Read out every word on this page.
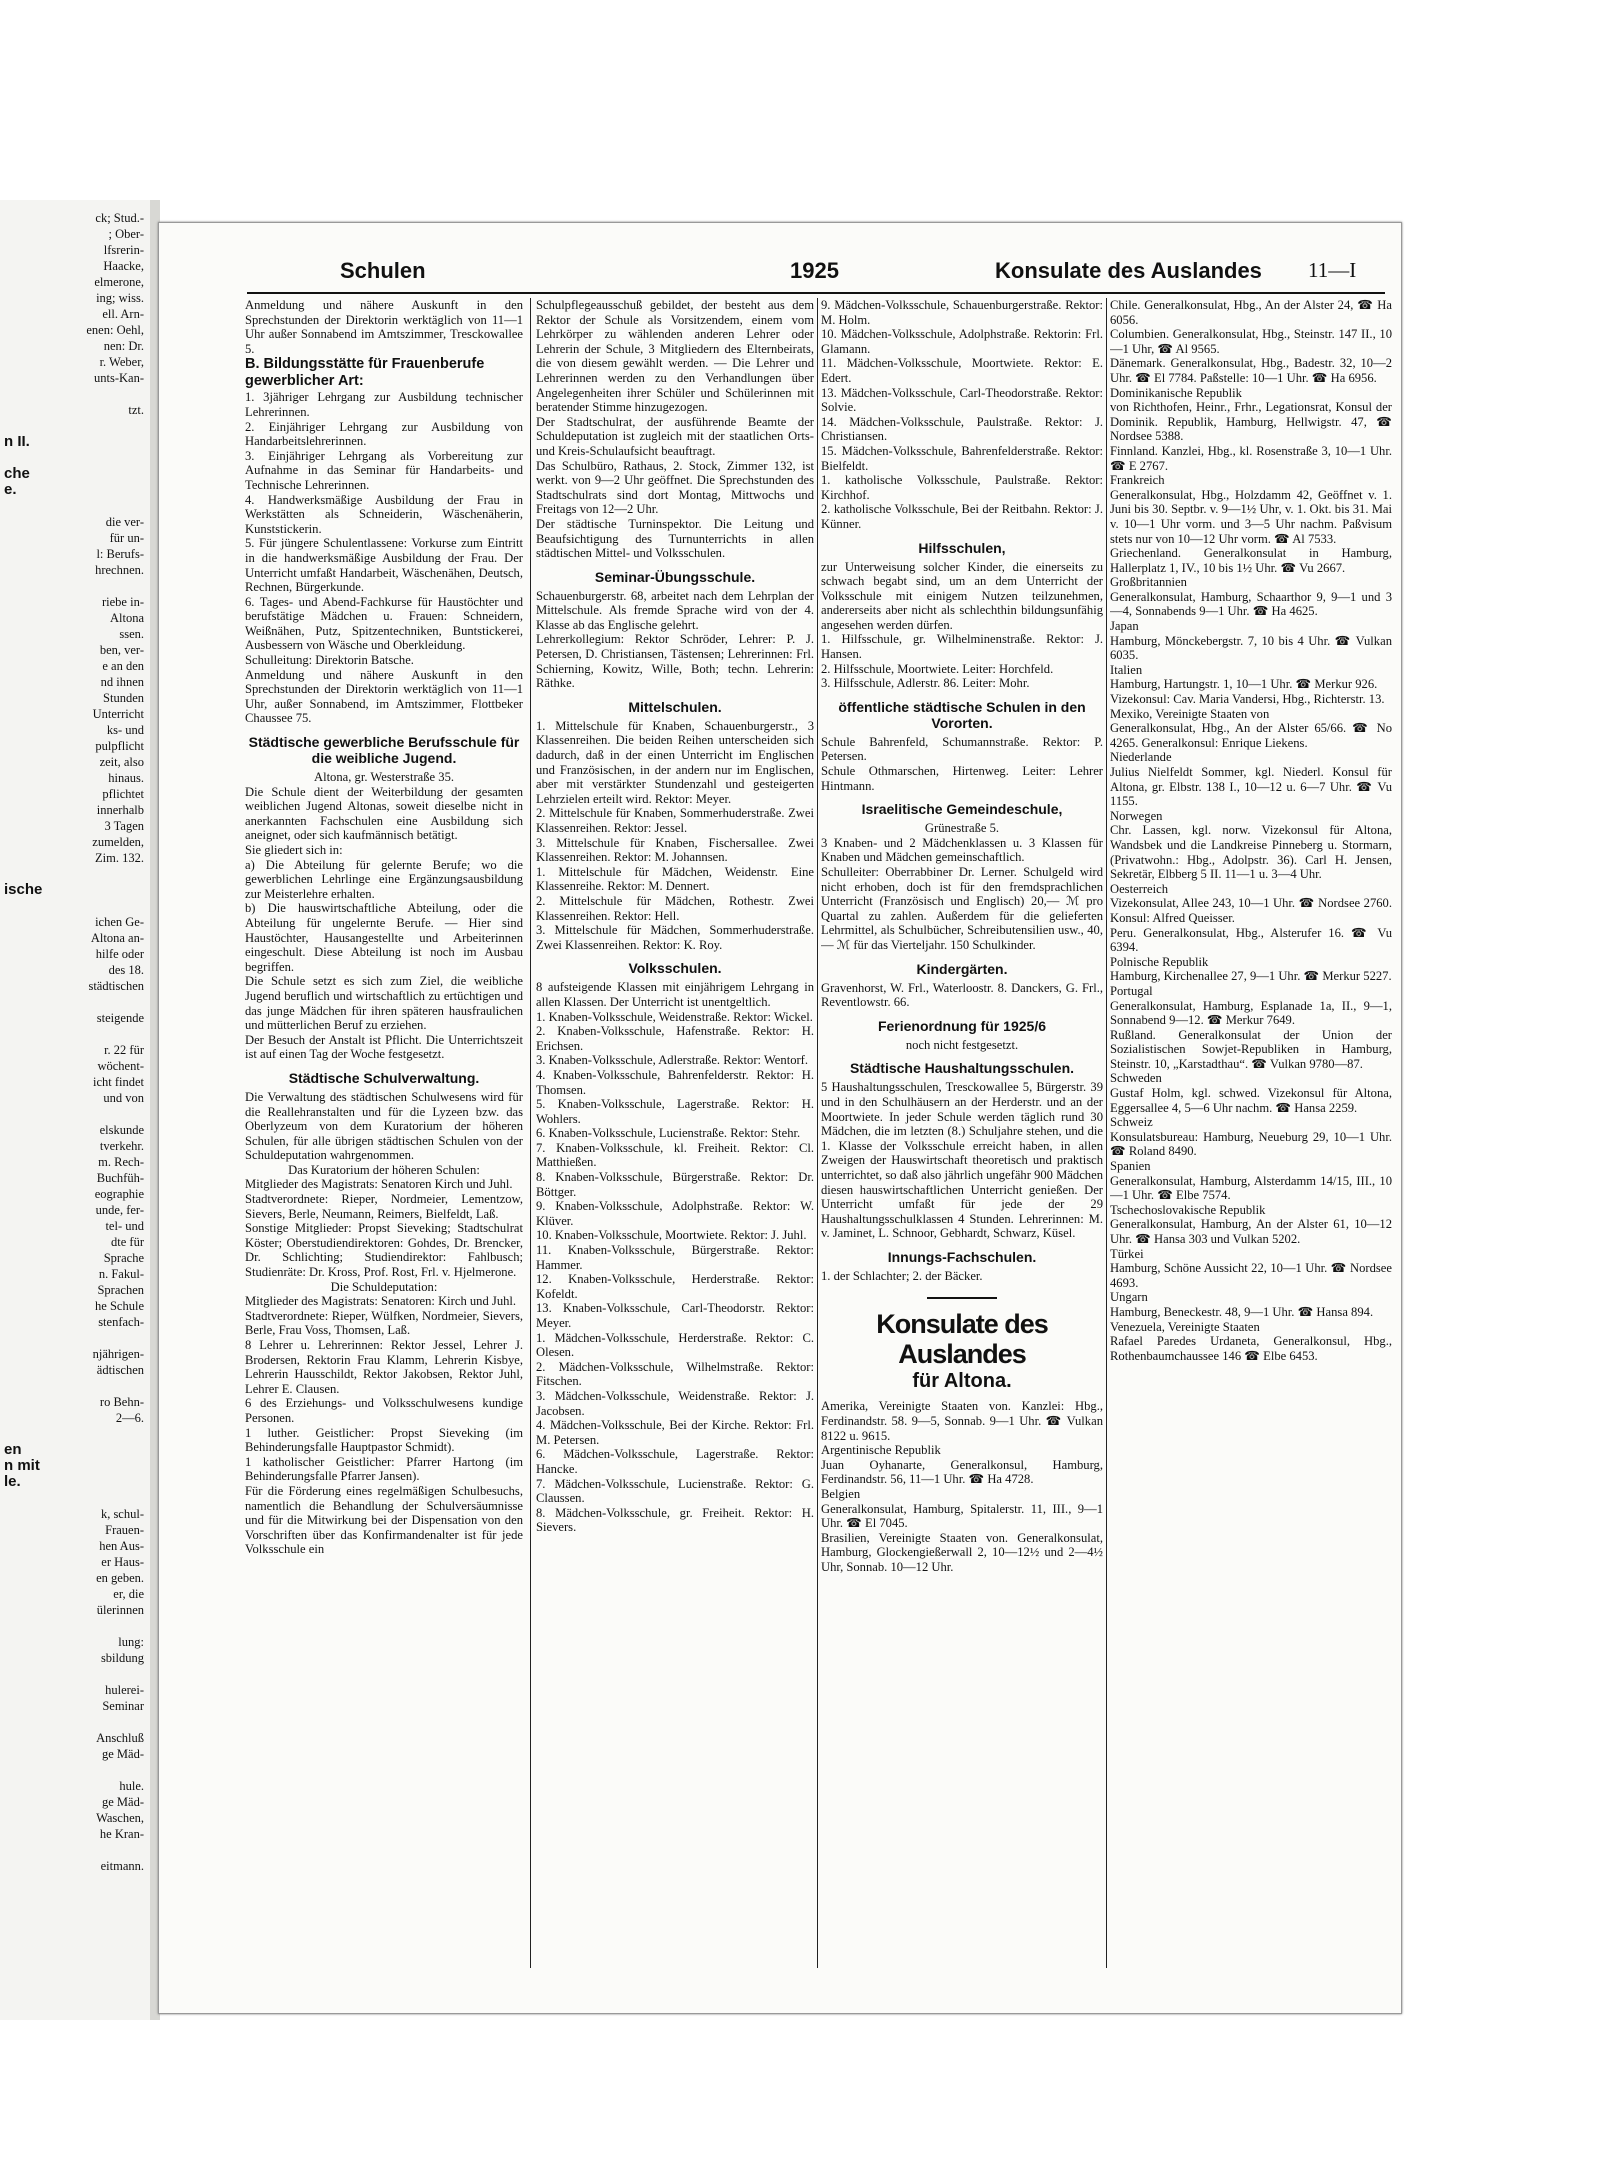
ck; Stud.-
; Ober-
lfsrerin-
Haacke,
elmerone,
ing; wiss.
ell. Arn-
enen: Oehl,
nen: Dr.
r. Weber,
unts-Kan-

tzt.

n II.

che
e.

die ver-
für un-
l: Berufs-
hrechnen.

riebe in-
Altona
ssen.
ben, ver-
e an den
nd ihnen
Stunden
Unterricht
ks- und
pulpflicht
zeit, also
hinaus.
pflichtet
innerhalb
3 Tagen
zumelden,
Zim. 132.

ische

ichen Ge-
Altona an-
hilfe oder
des 18.
städtischen

steigende

r. 22 für
wöchent-
icht findet
und von

elskunde
tverkehr.
m. Rech-
Buchfüh-
eographie
unde, fer-
tel- und
dte für
Sprache
n. Fakul-
Sprachen
he Schule
stenfach-

njährigen-
ädtischen

ro Behn-
2—6.

en
n mit
le.

k, schul-
Frauen-
hen Aus-
er Haus-
en geben.
er, die
ülerinnen

lung:
sbildung

hulerei-
Seminar

Anschluß
ge Mäd-

hule.
ge Mäd-
Waschen,
he Kran-

eitmann.
Schulen	1925	Konsulate des Auslandes 11—I

Anmeldung und nähere Auskunft in den Sprechstunden der Direktorin werktäglich von 11—1 Uhr außer Sonnabend im Amtszimmer, Tresckowallee 5.

B. Bildungsstätte für Frauenberufe gewerblicher Art:

1. 3jähriger Lehrgang zur Ausbildung technischer Lehrerinnen.

2. Einjähriger Lehrgang zur Ausbildung von Handarbeitslehrerinnen.

3. Einjähriger Lehrgang als Vorbereitung zur Aufnahme in das Seminar für Handarbeits- und Technische Lehrerinnen.

4. Handwerksmäßige Ausbildung der Frau in Werkstätten als Schneiderin, Wäschenäherin, Kunststickerin.

5. Für jüngere Schulentlassene: Vorkurse zum Eintritt in die handwerksmäßige Ausbildung der Frau. Der Unterricht umfaßt Handarbeit, Wäschenähen, Deutsch, Rechnen, Bürgerkunde.

6. Tages- und Abend-Fachkurse für Haustöchter und berufstätige Mädchen u. Frauen: Schneidern, Weißnähen, Putz, Spitzentechniken, Buntstickerei, Ausbessern von Wäsche und Oberkleidung.

Schulleitung: Direktorin Batsche.

Anmeldung und nähere Auskunft in den Sprechstunden der Direktorin werktäglich von 11—1 Uhr, außer Sonnabend, im Amtszimmer, Flottbeker Chaussee 75.

Städtische gewerbliche Berufsschule für die weibliche Jugend.
Altona, gr. Westerstraße 35.

Die Schule dient der Weiterbildung der gesamten weiblichen Jugend Altonas, soweit dieselbe nicht in anerkannten Fachschulen eine Ausbildung sich aneignet, oder sich kaufmännisch betätigt.

Sie gliedert sich in:

a) Die Abteilung für gelernte Berufe; wo die gewerblichen Lehrlinge eine Ergänzungsausbildung zur Meisterlehre erhalten.

b) Die hauswirtschaftliche Abteilung, oder die Abteilung für ungelernte Berufe. — Hier sind Haustöchter, Hausangestellte und Arbeiterinnen eingeschult. Diese Abteilung ist noch im Ausbau begriffen.

Die Schule setzt es sich zum Ziel, die weibliche Jugend beruflich und wirtschaftlich zu ertüchtigen und das junge Mädchen für ihren späteren hausfraulichen und mütterlichen Beruf zu erziehen.

Der Besuch der Anstalt ist Pflicht. Die Unterrichtszeit ist auf einen Tag der Woche festgesetzt.

Städtische Schulverwaltung.

Die Verwaltung des städtischen Schulwesens wird für die Reallehranstalten und für die Lyzeen bzw. das Oberlyzeum von dem Kuratorium der höheren Schulen, für alle übrigen städtischen Schulen von der Schuldeputation wahrgenommen.

Das Kuratorium der höheren Schulen:

Mitglieder des Magistrats: Senatoren Kirch und Juhl.

Stadtverordnete: Rieper, Nordmeier, Lementzow, Sievers, Berle, Neumann, Reimers, Bielfeldt, Laß.

Sonstige Mitglieder: Propst Sieveking; Stadtschulrat Köster; Oberstudiendirektoren: Gohdes, Dr. Brencker, Dr. Schlichting; Studiendirektor: Fahlbusch; Studienräte: Dr. Kross, Prof. Rost, Frl. v. Hjelmerone.

Die Schuldeputation:

Mitglieder des Magistrats: Senatoren: Kirch und Juhl.

Stadtverordnete: Rieper, Wülfken, Nordmeier, Sievers, Berle, Frau Voss, Thomsen, Laß.

8 Lehrer u. Lehrerinnen: Rektor Jessel, Lehrer J. Brodersen, Rektorin Frau Klamm, Lehrerin Kisbye, Lehrerin Hausschildt, Rektor Jakobsen, Rektor Juhl, Lehrer E. Clausen.

6 des Erziehungs- und Volksschulwesens kundige Personen.

1 luther. Geistlicher: Propst Sieveking (im Behinderungsfalle Hauptpastor Schmidt).

1 katholischer Geistlicher: Pfarrer Hartong (im Behinderungsfalle Pfarrer Jansen).

Für die Förderung eines regelmäßigen Schulbesuchs, namentlich die Behandlung der Schulversäumnisse und für die Mitwirkung bei der Dispensation von den Vorschriften über das Konfirmandenalter ist für jede Volksschule ein

Schulpflegeausschuß gebildet, der besteht aus dem Rektor der Schule als Vorsitzendem, einem vom Lehrkörper zu wählenden anderen Lehrer oder Lehrerin der Schule, 3 Mitgliedern des Elternbeirats, die von diesem gewählt werden. — Die Lehrer und Lehrerinnen werden zu den Verhandlungen über Angelegenheiten ihrer Schüler und Schülerinnen mit beratender Stimme hinzugezogen.

Der Stadtschulrat, der ausführende Beamte der Schuldeputation ist zugleich mit der staatlichen Orts- und Kreis-Schulaufsicht beauftragt.

Das Schulbüro, Rathaus, 2. Stock, Zimmer 132, ist werkt. von 9—2 Uhr geöffnet. Die Sprechstunden des Stadtschulrats sind dort Montag, Mittwochs und Freitags von 12—2 Uhr.

Der städtische Turninspektor. Die Leitung und Beaufsichtigung des Turnunterrichts in allen städtischen Mittel- und Volksschulen.

Seminar-Übungsschule.

Schauenburgerstr. 68, arbeitet nach dem Lehrplan der Mittelschule. Als fremde Sprache wird von der 4. Klasse ab das Englische gelehrt.

Lehrerkollegium: Rektor Schröder, Lehrer: P. J. Petersen, D. Christiansen, Tästensen; Lehrerinnen: Frl. Schierning, Kowitz, Wille, Both; techn. Lehrerin: Räthke.

Mittelschulen.

1. Mittelschule für Knaben, Schauenburgerstr., 3 Klassenreihen. Die beiden Reihen unterscheiden sich dadurch, daß in der einen Unterricht im Englischen und Französischen, in der andern nur im Englischen, aber mit verstärkter Stundenzahl und gesteigerten Lehrzielen erteilt wird. Rektor: Meyer.

2. Mittelschule für Knaben, Sommerhuderstraße. Zwei Klassenreihen. Rektor: Jessel.

3. Mittelschule für Knaben, Fischersallee. Zwei Klassenreihen. Rektor: M. Johannsen.

1. Mittelschule für Mädchen, Weidenstr. Eine Klassenreihe. Rektor: M. Dennert.

2. Mittelschule für Mädchen, Rothestr. Zwei Klassenreihen. Rektor: Hell.

3. Mittelschule für Mädchen, Sommerhuderstraße. Zwei Klassenreihen. Rektor: K. Roy.

Volksschulen.

8 aufsteigende Klassen mit einjährigem Lehrgang in allen Klassen. Der Unterricht ist unentgeltlich.

1. Knaben-Volksschule, Weidenstraße. Rektor: Wickel.

2. Knaben-Volksschule, Hafenstraße. Rektor: H. Erichsen.

3. Knaben-Volksschule, Adlerstraße. Rektor: Wentorf.

4. Knaben-Volksschule, Bahrenfelderstr. Rektor: H. Thomsen.

5. Knaben-Volksschule, Lagerstraße. Rektor: H. Wohlers.

6. Knaben-Volksschule, Lucienstraße. Rektor: Stehr.

7. Knaben-Volksschule, kl. Freiheit. Rektor: Cl. Matthießen.

8. Knaben-Volksschule, Bürgerstraße. Rektor: Dr. Böttger.

9. Knaben-Volksschule, Adolphstraße. Rektor: W. Klüver.

10. Knaben-Volksschule, Moortwiete. Rektor: J. Juhl.

11. Knaben-Volksschule, Bürgerstraße. Rektor: Hammer.

12. Knaben-Volksschule, Herderstraße. Rektor: Kofeldt.

13. Knaben-Volksschule, Carl-Theodorstr. Rektor: Meyer.

1. Mädchen-Volksschule, Herderstraße. Rektor: C. Olesen.

2. Mädchen-Volksschule, Wilhelmstraße. Rektor: Fitschen.

3. Mädchen-Volksschule, Weidenstraße. Rektor: J. Jacobsen.

4. Mädchen-Volksschule, Bei der Kirche. Rektor: Frl. M. Petersen.

6. Mädchen-Volksschule, Lagerstraße. Rektor: Hancke.

7. Mädchen-Volksschule, Lucienstraße. Rektor: G. Claussen.

8. Mädchen-Volksschule, gr. Freiheit. Rektor: H. Sievers.

9. Mädchen-Volksschule, Schauenburgerstraße. Rektor: M. Holm.

10. Mädchen-Volksschule, Adolphstraße. Rektorin: Frl. Glamann.

11. Mädchen-Volksschule, Moortwiete. Rektor: E. Edert.

13. Mädchen-Volksschule, Carl-Theodorstraße. Rektor: Solvie.

14. Mädchen-Volksschule, Paulstraße. Rektor: J. Christiansen.

15. Mädchen-Volksschule, Bahrenfelderstraße. Rektor: Bielfeldt.

1. katholische Volksschule, Paulstraße. Rektor: Kirchhof.

2. katholische Volksschule, Bei der Reitbahn. Rektor: J. Künner.

Hilfsschulen,

zur Unterweisung solcher Kinder, die einerseits zu schwach begabt sind, um an dem Unterricht der Volksschule mit einigem Nutzen teilzunehmen, andererseits aber nicht als schlechthin bildungsunfähig angesehen werden dürfen.

1. Hilfsschule, gr. Wilhelminenstraße. Rektor: J. Hansen.

2. Hilfsschule, Moortwiete. Leiter: Horchfeld.

3. Hilfsschule, Adlerstr. 86. Leiter: Mohr.

öffentliche städtische Schulen in den Vororten.

Schule Bahrenfeld, Schumannstraße. Rektor: P. Petersen.

Schule Othmarschen, Hirtenweg. Leiter: Lehrer Hintmann.

Israelitische Gemeindeschule,
Grünestraße 5.

3 Knaben- und 2 Mädchenklassen u. 3 Klassen für Knaben und Mädchen gemeinschaftlich.

Schulleiter: Oberrabbiner Dr. Lerner. Schulgeld wird nicht erhoben, doch ist für den fremdsprachlichen Unterricht (Französisch und Englisch) 20,— ℳ pro Quartal zu zahlen. Außerdem für die gelieferten Lehrmittel, als Schulbücher, Schreibutensilien usw., 40,— ℳ für das Vierteljahr. 150 Schulkinder.

Kindergärten.

Gravenhorst, W. Frl., Waterloostr. 8. Danckers, G. Frl., Reventlowstr. 66.

Ferienordnung für 1925/6
noch nicht festgesetzt.
Städtische Haushaltungsschulen.

5 Haushaltungsschulen, Tresckowallee 5, Bürgerstr. 39 und in den Schulhäusern an der Herderstr. und an der Moortwiete. In jeder Schule werden täglich rund 30 Mädchen, die im letzten (8.) Schuljahre stehen, und die 1. Klasse der Volksschule erreicht haben, in allen Zweigen der Hauswirtschaft theoretisch und praktisch unterrichtet, so daß also jährlich ungefähr 900 Mädchen diesen hauswirtschaftlichen Unterricht genießen. Der Unterricht umfaßt für jede der 29 Haushaltungsschulklassen 4 Stunden. Lehrerinnen: M. v. Jaminet, L. Schnoor, Gebhardt, Schwarz, Küsel.

Innungs-Fachschulen.

1. der Schlachter; 2. der Bäcker.

Konsulate des Auslandes
für Altona.

Amerika, Vereinigte Staaten von. Kanzlei: Hbg., Ferdinandstr. 58. 9—5, Sonnab. 9—1 Uhr. ☎ Vulkan 8122 u. 9615.

Argentinische Republik

Juan Oyhanarte, Generalkonsul, Hamburg, Ferdinandstr. 56, 11—1 Uhr. ☎ Ha 4728.

Belgien

Generalkonsulat, Hamburg, Spitalerstr. 11, III., 9—1 Uhr. ☎ El 7045.

Brasilien, Vereinigte Staaten von. Generalkonsulat, Hamburg, Glockengießerwall 2, 10—12½ und 2—4½ Uhr, Sonnab. 10—12 Uhr.

Chile. Generalkonsulat, Hbg., An der Alster 24, ☎ Ha 6056.

Columbien. Generalkonsulat, Hbg., Steinstr. 147 II., 10—1 Uhr, ☎ Al 9565.

Dänemark. Generalkonsulat, Hbg., Badestr. 32, 10—2 Uhr. ☎ El 7784. Paßstelle: 10—1 Uhr. ☎ Ha 6956.

Dominikanische Republik

von Richthofen, Heinr., Frhr., Legationsrat, Konsul der Dominik. Republik, Hamburg, Hellwigstr. 47, ☎ Nordsee 5388.

Finnland. Kanzlei, Hbg., kl. Rosenstraße 3, 10—1 Uhr. ☎ E 2767.

Frankreich

Generalkonsulat, Hbg., Holzdamm 42, Geöffnet v. 1. Juni bis 30. Septbr. v. 9—1½ Uhr, v. 1. Okt. bis 31. Mai v. 10—1 Uhr vorm. und 3—5 Uhr nachm. Paßvisum stets nur von 10—12 Uhr vorm. ☎ Al 7533.

Griechenland. Generalkonsulat in Hamburg, Hallerplatz 1, IV., 10 bis 1½ Uhr. ☎ Vu 2667.

Großbritannien

Generalkonsulat, Hamburg, Schaarthor 9, 9—1 und 3—4, Sonnabends 9—1 Uhr. ☎ Ha 4625.

Japan

Hamburg, Mönckebergstr. 7, 10 bis 4 Uhr. ☎ Vulkan 6035.

Italien

Hamburg, Hartungstr. 1, 10—1 Uhr. ☎ Merkur 926.

Vizekonsul: Cav. Maria Vandersi, Hbg., Richterstr. 13.

Mexiko, Vereinigte Staaten von

Generalkonsulat, Hbg., An der Alster 65/66. ☎ No 4265. Generalkonsul: Enrique Liekens.

Niederlande

Julius Nielfeldt Sommer, kgl. Niederl. Konsul für Altona, gr. Elbstr. 138 I., 10—12 u. 6—7 Uhr. ☎ Vu 1155.

Norwegen

Chr. Lassen, kgl. norw. Vizekonsul für Altona, Wandsbek und die Landkreise Pinneberg u. Stormarn, (Privatwohn.: Hbg., Adolpstr. 36). Carl H. Jensen, Sekretär, Elbberg 5 II. 11—1 u. 3—4 Uhr.

Oesterreich

Vizekonsulat, Allee 243, 10—1 Uhr. ☎ Nordsee 2760. Konsul: Alfred Queisser.

Peru. Generalkonsulat, Hbg., Alsterufer 16. ☎ Vu 6394.

Polnische Republik

Hamburg, Kirchenallee 27, 9—1 Uhr. ☎ Merkur 5227.

Portugal

Generalkonsulat, Hamburg, Esplanade 1a, II., 9—1, Sonnabend 9—12. ☎ Merkur 7649.

Rußland. Generalkonsulat der Union der Sozialistischen Sowjet-Republiken in Hamburg, Steinstr. 10, „Karstadthau“. ☎ Vulkan 9780—87.

Schweden

Gustaf Holm, kgl. schwed. Vizekonsul für Altona, Eggersallee 4, 5—6 Uhr nachm. ☎ Hansa 2259.

Schweiz

Konsulatsbureau: Hamburg, Neueburg 29, 10—1 Uhr. ☎ Roland 8490.

Spanien

Generalkonsulat, Hamburg, Alsterdamm 14/15, III., 10—1 Uhr. ☎ Elbe 7574.

Tschechoslovakische Republik

Generalkonsulat, Hamburg, An der Alster 61, 10—12 Uhr. ☎ Hansa 303 und Vulkan 5202.

Türkei

Hamburg, Schöne Aussicht 22, 10—1 Uhr. ☎ Nordsee 4693.

Ungarn

Hamburg, Beneckestr. 48, 9—1 Uhr. ☎ Hansa 894.

Venezuela, Vereinigte Staaten

Rafael Paredes Urdaneta, Generalkonsul, Hbg., Rothenbaumchaussee 146 ☎ Elbe 6453.
